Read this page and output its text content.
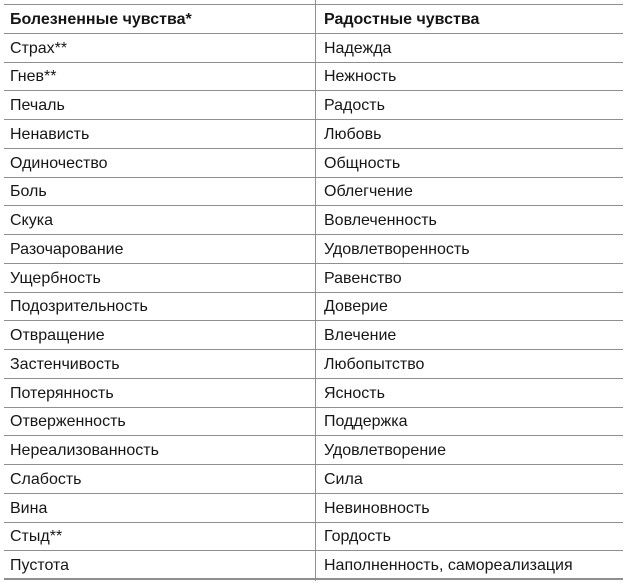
Болезненные чувства*	Радостные чувства
Страх**	Надежда
Гнев**	Нежность
Печаль	Радость
Ненависть	Любовь
Одиночество	Общность
Боль	Облегчение
Скука	Вовлеченность
Разочарование	Удовлетворенность
Ущербность	Равенство
Подозрительность	Доверие
Отвращение	Влечение
Застенчивость	Любопытство
Потерянность	Ясность
Отверженность	Поддержка
Нереализованность	Удовлетворение
Слабость	Сила
Вина	Невиновность
Стыд**	Гордость
Пустота	Наполненность, самореализация
